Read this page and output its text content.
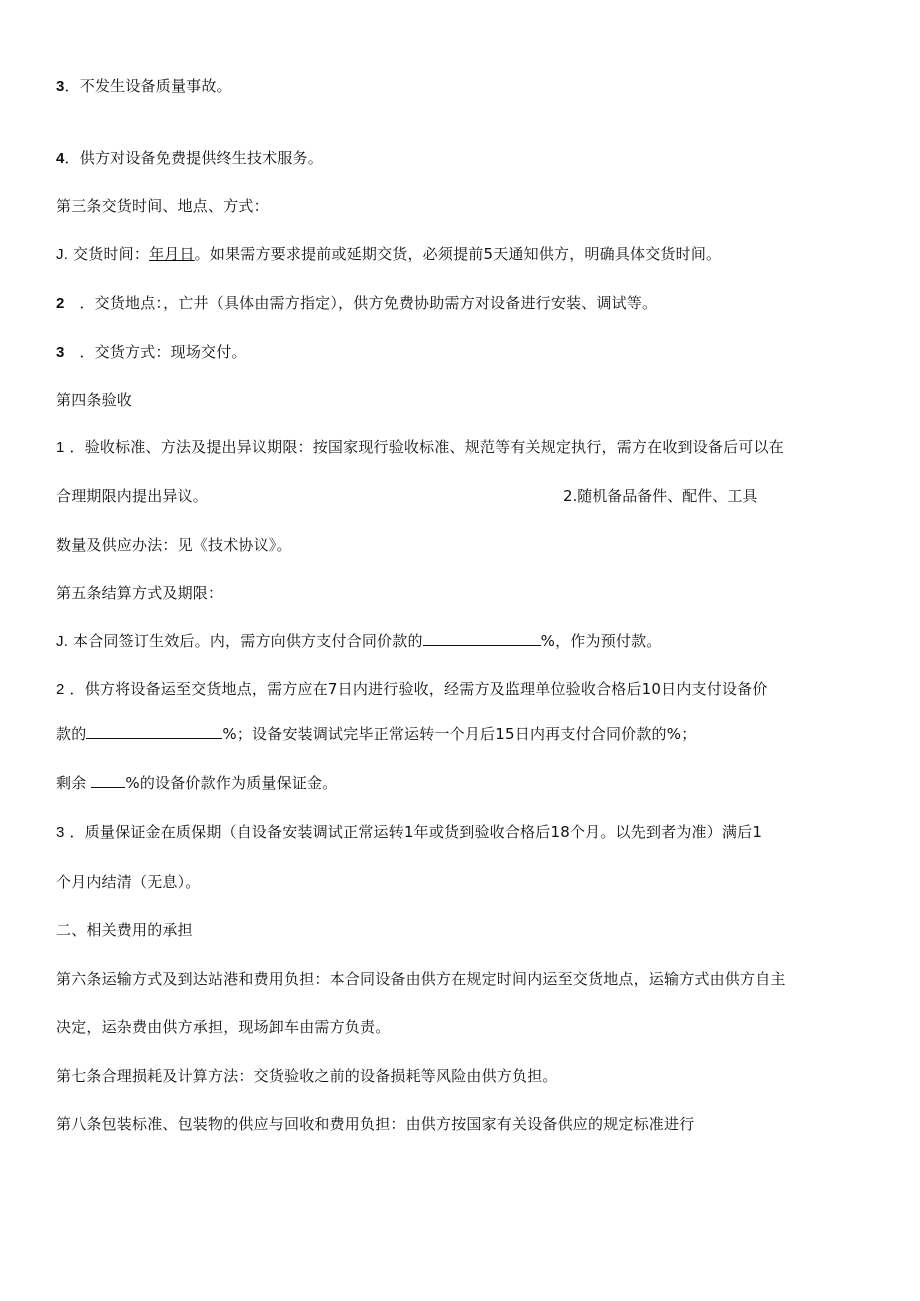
3．不发生设备质量事故。
4．供方对设备免费提供终生技术服务。
第三条交货时间、地点、方式：
J. 交货时间：年月日。如果需方要求提前或延期交货，必须提前5天通知供方，明确具体交货时间。
2 ．交货地点：，亡井（具体由需方指定），供方免费协助需方对设备进行安装、调试等。
3 ．交货方式：现场交付。
第四条验收
1 ．验收标准、方法及提出异议期限：按国家现行验收标准、规范等有关规定执行，需方在收到设备后可以在
合理期限内提出异议。	2.随机备品备件、配件、工具
数量及供应办法：见《技术协议》。
第五条结算方式及期限：
J. 本合同签订生效后。内，需方向供方支付合同价款的	%，作为预付款。
2 ．供方将设备运至交货地点，需方应在7日内进行验收，经需方及监理单位验收合格后10日内支付设备价
款的	%；设备安装调试完毕正常运转一个月后15日内再支付合同价款的%；
剩余	%的设备价款作为质量保证金。
3 ．质量保证金在质保期（自设备安装调试正常运转1年或货到验收合格后18个月。以先到者为准）满后1
个月内结清（无息）。
二、相关费用的承担
第六条运输方式及到达站港和费用负担：本合同设备由供方在规定时间内运至交货地点，运输方式由供方自主
决定，运杂费由供方承担，现场卸车由需方负责。
第七条合理损耗及计算方法：交货验收之前的设备损耗等风险由供方负担。
第八条包装标准、包装物的供应与回收和费用负担：由供方按国家有关设备供应的规定标准进行
